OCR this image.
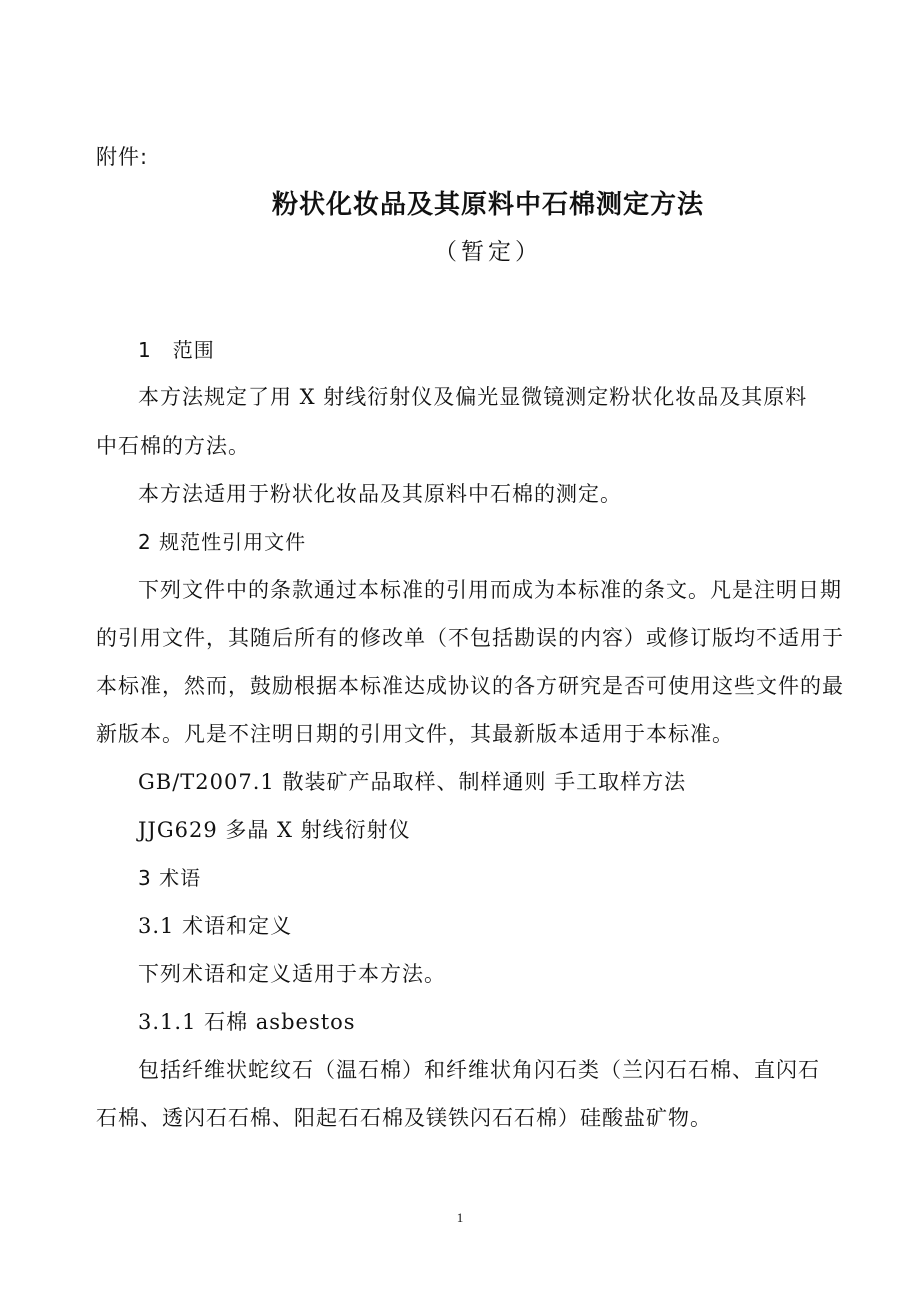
附件:
粉状化妆品及其原料中石棉测定方法
（暂定）
1　范围
本方法规定了用 X 射线衍射仪及偏光显微镜测定粉状化妆品及其原料
中石棉的方法。
本方法适用于粉状化妆品及其原料中石棉的测定。
2 规范性引用文件
下列文件中的条款通过本标准的引用而成为本标准的条文。凡是注明日期
的引用文件，其随后所有的修改单（不包括勘误的内容）或修订版均不适用于
本标准，然而，鼓励根据本标准达成协议的各方研究是否可使用这些文件的最
新版本。凡是不注明日期的引用文件，其最新版本适用于本标准。
GB/T2007.1 散装矿产品取样、制样通则 手工取样方法
JJG629 多晶 X 射线衍射仪
3 术语
3.1 术语和定义
下列术语和定义适用于本方法。
3.1.1 石棉 asbestos
包括纤维状蛇纹石（温石棉）和纤维状角闪石类（兰闪石石棉、直闪石
石棉、透闪石石棉、阳起石石棉及镁铁闪石石棉）硅酸盐矿物。
1
